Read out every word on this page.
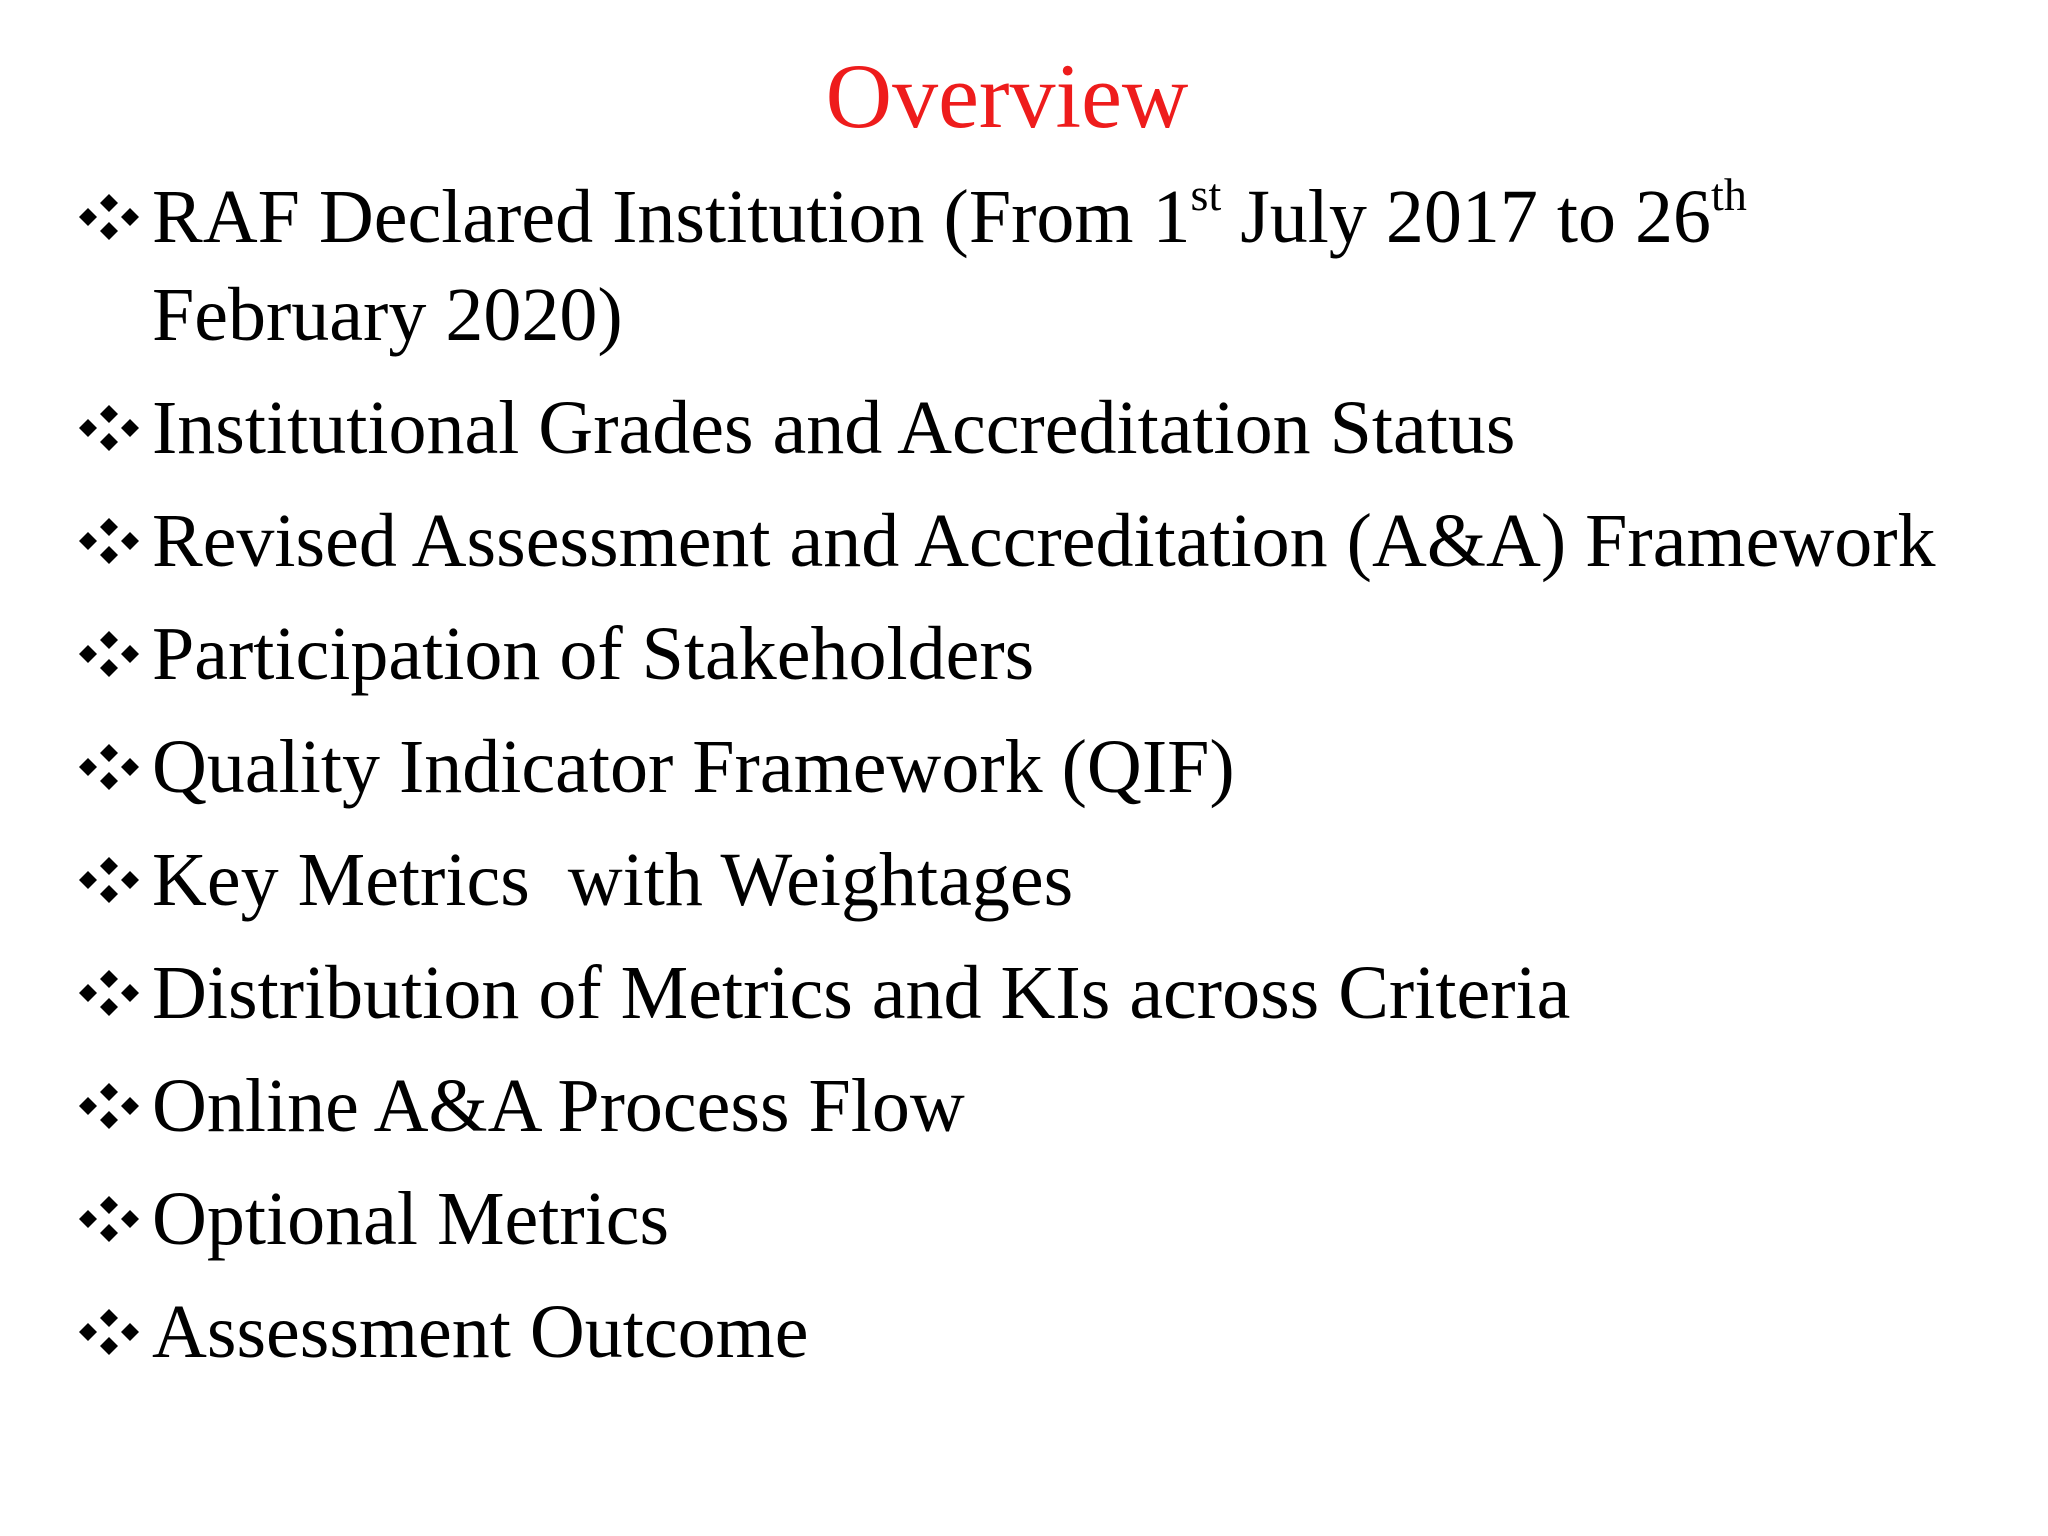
Overview
RAF Declared Institution (From 1st July 2017 to 26th February 2020)
Institutional Grades and Accreditation Status
Revised Assessment and Accreditation (A&A) Framework
Participation of Stakeholders
Quality Indicator Framework (QIF)
Key Metrics  with Weightages
Distribution of Metrics and KIs across Criteria
Online A&A Process Flow
Optional Metrics
Assessment Outcome
